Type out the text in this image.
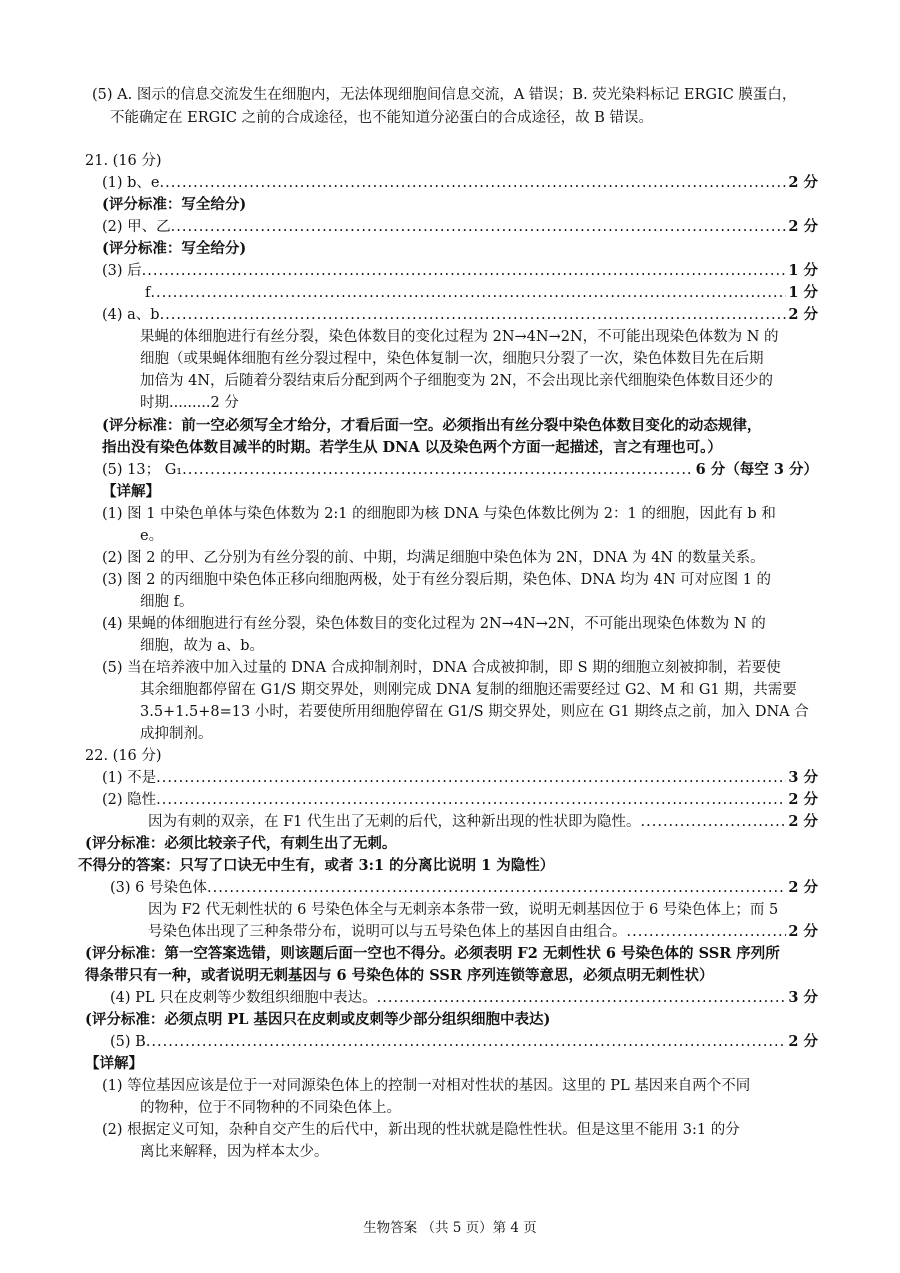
(5) A. 图示的信息交流发生在细胞内，无法体现细胞间信息交流，A 错误；B. 荧光染料标记 ERGIC 膜蛋白，
不能确定在 ERGIC 之前的合成途径，也不能知道分泌蛋白的合成途径，故 B 错误。
21. (16 分)
(1) b、e .....	2 分
(评分标准：写全给分)
(2) 甲、乙 .....	2 分
(评分标准：写全给分)
(3) 后 .....	1 分
f .....	1 分
(4) a、b .....	2 分
果蝇的体细胞进行有丝分裂，染色体数目的变化过程为 2N→4N→2N，不可能出现染色体数为 N 的
细胞（或果蝇体细胞有丝分裂过程中，染色体复制一次，细胞只分裂了一次，染色体数目先在后期
加倍为 4N，后随着分裂结束后分配到两个子细胞变为 2N，不会出现比亲代细胞染色体数目还少的
时期.........2 分
(评分标准：前一空必须写全才给分，才看后面一空。必须指出有丝分裂中染色体数目变化的动态规律，
指出没有染色体数目减半的时期。若学生从 DNA 以及染色两个方面一起描述，言之有理也可。）
(5) 13； G₁ .....	6 分（每空 3 分）
【详解】
(1) 图 1 中染色单体与染色体数为 2:1 的细胞即为核 DNA 与染色体数比例为 2：1 的细胞，因此有 b 和
e。
(2) 图 2 的甲、乙分别为有丝分裂的前、中期，均满足细胞中染色体为 2N，DNA 为 4N 的数量关系。
(3) 图 2 的丙细胞中染色体正移向细胞两极，处于有丝分裂后期，染色体、DNA 均为 4N 可对应图 1 的
细胞 f。
(4) 果蝇的体细胞进行有丝分裂，染色体数目的变化过程为 2N→4N→2N，不可能出现染色体数为 N 的
细胞，故为 a、b。
(5) 当在培养液中加入过量的 DNA 合成抑制剂时，DNA 合成被抑制，即 S 期的细胞立刻被抑制，若要使
其余细胞都停留在 G1/S 期交界处，则刚完成 DNA 复制的细胞还需要经过 G2、M 和 G1 期，共需要
3.5+1.5+8=13 小时，若要使所用细胞停留在 G1/S 期交界处，则应在 G1 期终点之前，加入 DNA 合
成抑制剂。
22. (16 分)
(1) 不是 .....	3 分
(2) 隐性 .....	2 分
因为有刺的双亲，在 F1 代生出了无刺的后代，这种新出现的性状即为隐性。 .....	2 分
(评分标准：必须比较亲子代，有刺生出了无刺。
不得分的答案：只写了口诀无中生有，或者 3:1 的分离比说明 1 为隐性）
(3) 6 号染色体 .....	2 分
因为 F2 代无刺性状的 6 号染色体全与无刺亲本条带一致，说明无刺基因位于 6 号染色体上；而 5
号染色体出现了三种条带分布，说明可以与五号染色体上的基因自由组合。 .....	2 分
(评分标准：第一空答案选错，则该题后面一空也不得分。必须表明 F2 无刺性状 6 号染色体的 SSR 序列所
得条带只有一种，或者说明无刺基因与 6 号染色体的 SSR 序列连锁等意思，必须点明无刺性状）
(4) PL 只在皮刺等少数组织细胞中表达。 .....	3 分
(评分标准：必须点明 PL 基因只在皮刺或皮刺等少部分组织细胞中表达)
(5) B .....	2 分
【详解】
(1) 等位基因应该是位于一对同源染色体上的控制一对相对性状的基因。这里的 PL 基因来自两个不同
的物种，位于不同物种的不同染色体上。
(2) 根据定义可知，杂种自交产生的后代中，新出现的性状就是隐性性状。但是这里不能用 3:1 的分
离比来解释，因为样本太少。
生物答案 （共 5 页）第 4 页
